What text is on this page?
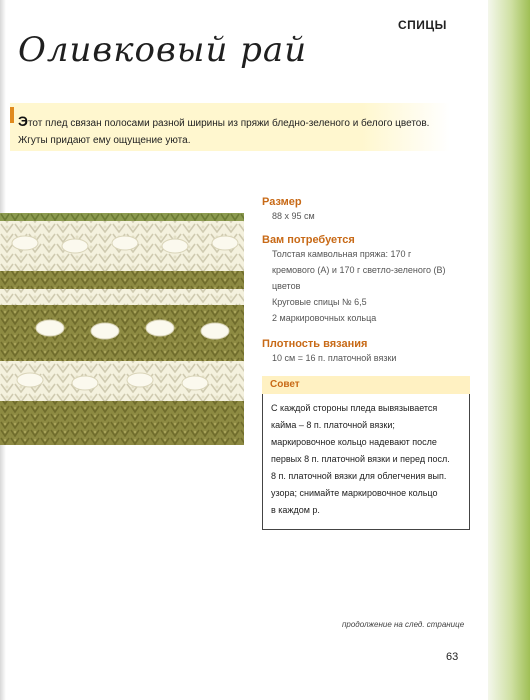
СПИЦЫ
Оливковый рай
Этот плед связан полосами разной ширины из пряжи бледно-зеленого и белого цветов.
Жгуты придают ему ощущение уюта.
Размер
88 х 95 см
Вам потребуется
Толстая камвольная пряжа: 170 г
кремового (А) и 170 г светло-зеленого (В)
цветов
Круговые спицы № 6,5
2 маркировочных кольца
Плотность вязания
10 см = 16 п. платочной вязки
Совет
С каждой стороны пледа вывязывается
кайма – 8 п. платочной вязки;
маркировочное кольцо надевают после
первых 8 п. платочной вязки и перед посл.
8 п. платочной вязки для облегчения вып.
узора; снимайте маркировочное кольцо
в каждом р.
продолжение на след. странице
63
